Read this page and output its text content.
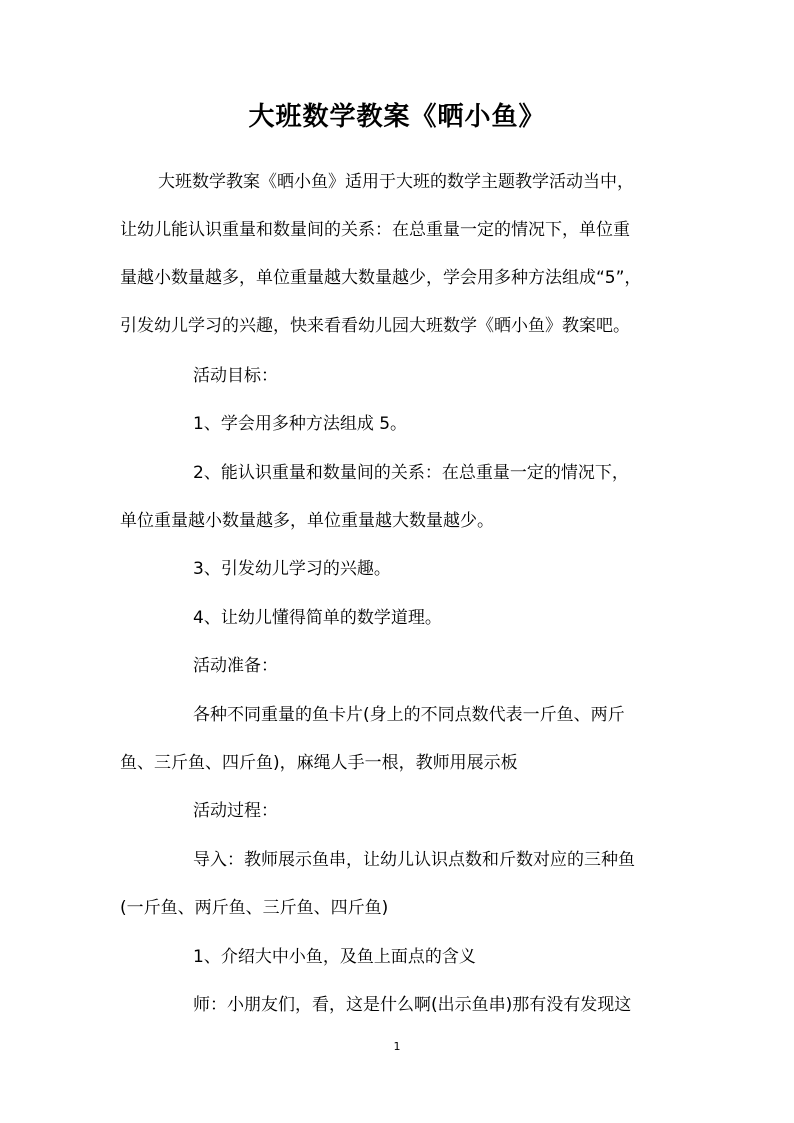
大班数学教案《晒小鱼》
大班数学教案《晒小鱼》适用于大班的数学主题教学活动当中，
让幼儿能认识重量和数量间的关系：在总重量一定的情况下，单位重
量越小数量越多，单位重量越大数量越少，学会用多种方法组成“5”，
引发幼儿学习的兴趣，快来看看幼儿园大班数学《晒小鱼》教案吧。
活动目标：
1、学会用多种方法组成 5。
2、能认识重量和数量间的关系：在总重量一定的情况下，
单位重量越小数量越多，单位重量越大数量越少。
3、引发幼儿学习的兴趣。
4、让幼儿懂得简单的数学道理。
活动准备：
各种不同重量的鱼卡片(身上的不同点数代表一斤鱼、两斤
鱼、三斤鱼、四斤鱼)，麻绳人手一根，教师用展示板
活动过程：
导入：教师展示鱼串，让幼儿认识点数和斤数对应的三种鱼
(一斤鱼、两斤鱼、三斤鱼、四斤鱼)
1、介绍大中小鱼，及鱼上面点的含义
师：小朋友们，看，这是什么啊(出示鱼串)那有没有发现这
1
